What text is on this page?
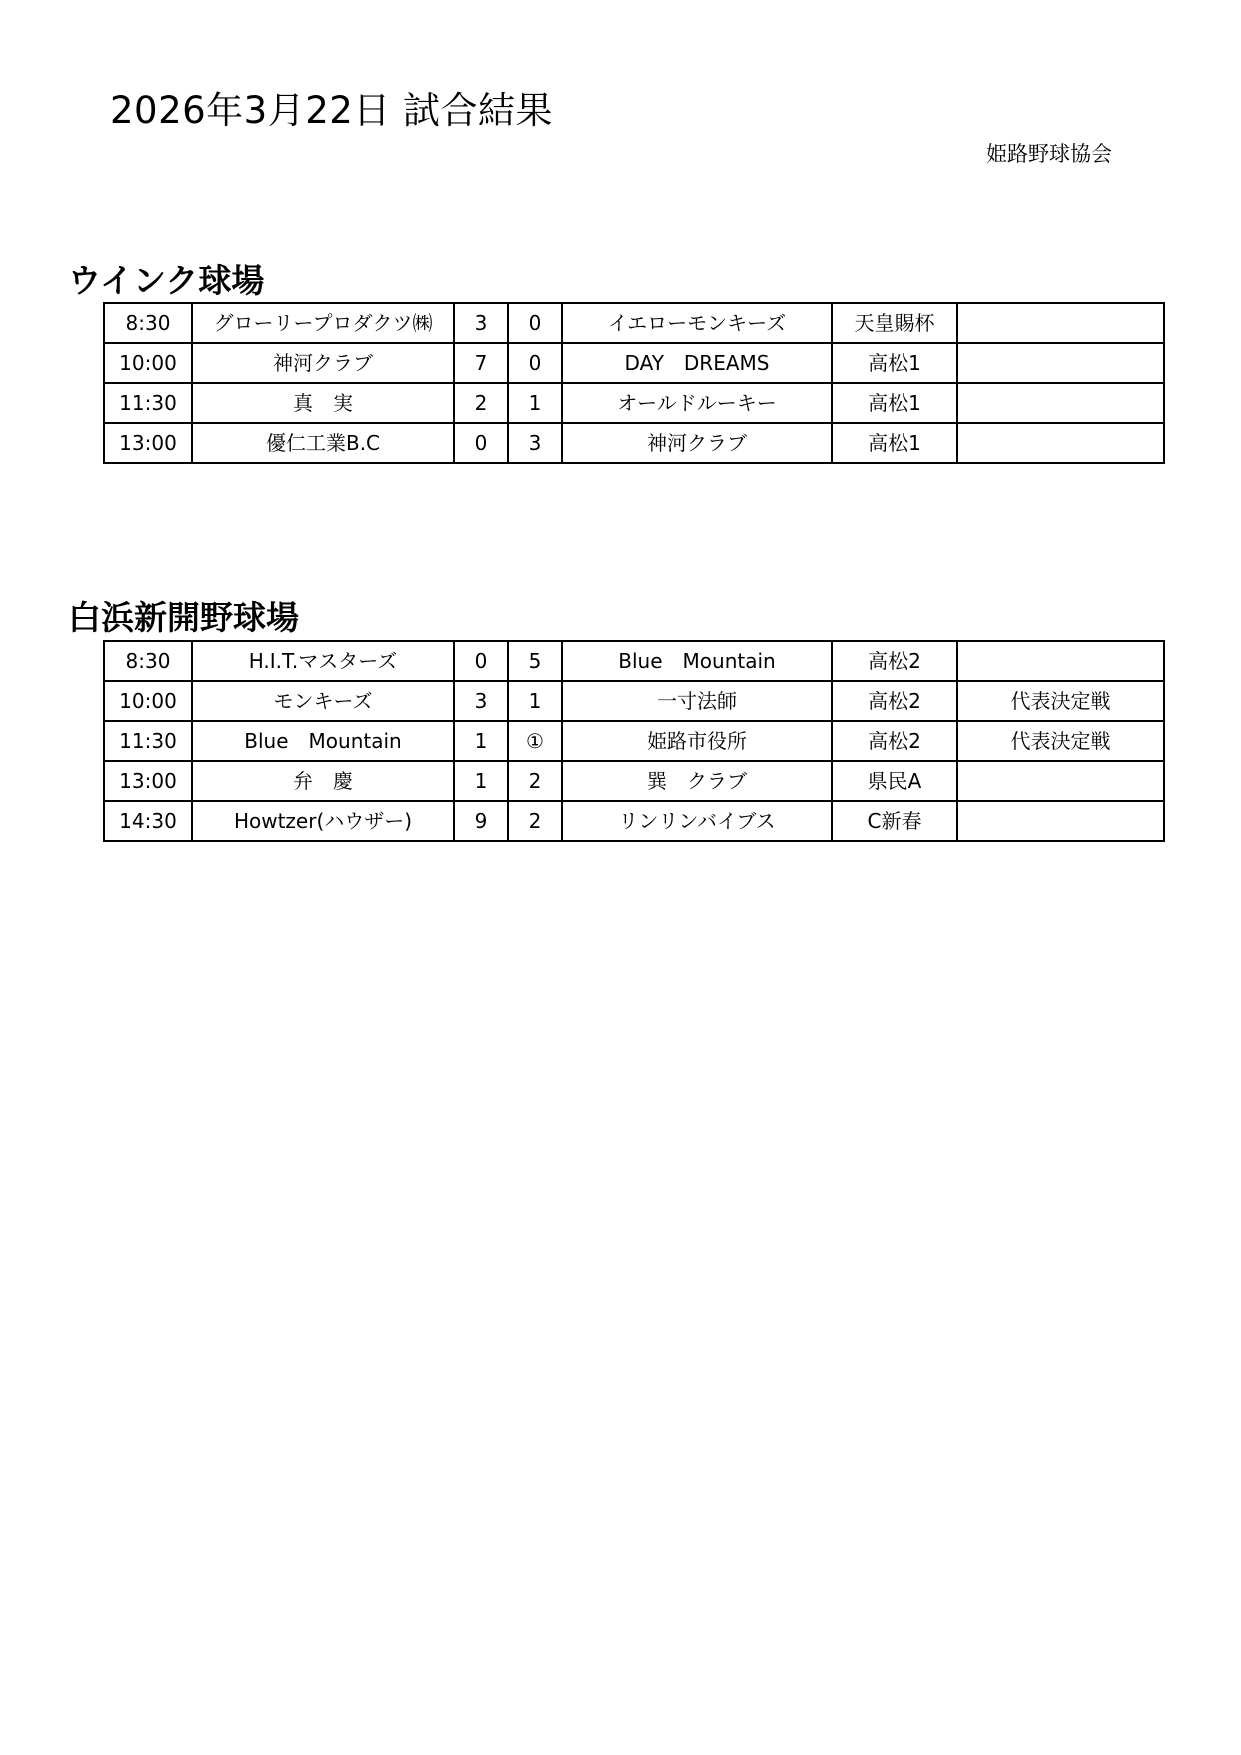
2026年3月22日 試合結果
姫路野球協会
ウインク球場
8:30	グローリープロダクツ㈱	3	0	イエローモンキーズ	天皇賜杯	
10:00	神河クラブ	7	0	DAY　DREAMS	高松1	
11:30	真　実	2	1	オールドルーキー	高松1	
13:00	優仁工業B.C	0	3	神河クラブ	高松1	
白浜新開野球場
8:30	H.I.T.マスターズ	0	5	Blue　Mountain	高松2	
10:00	モンキーズ	3	1	一寸法師	高松2	代表決定戦
11:30	Blue　Mountain	1	①	姫路市役所	高松2	代表決定戦
13:00	弁　慶	1	2	巽　クラブ	県民A	
14:30	Howtzer(ハウザー)	9	2	リンリンバイブス	C新春	
